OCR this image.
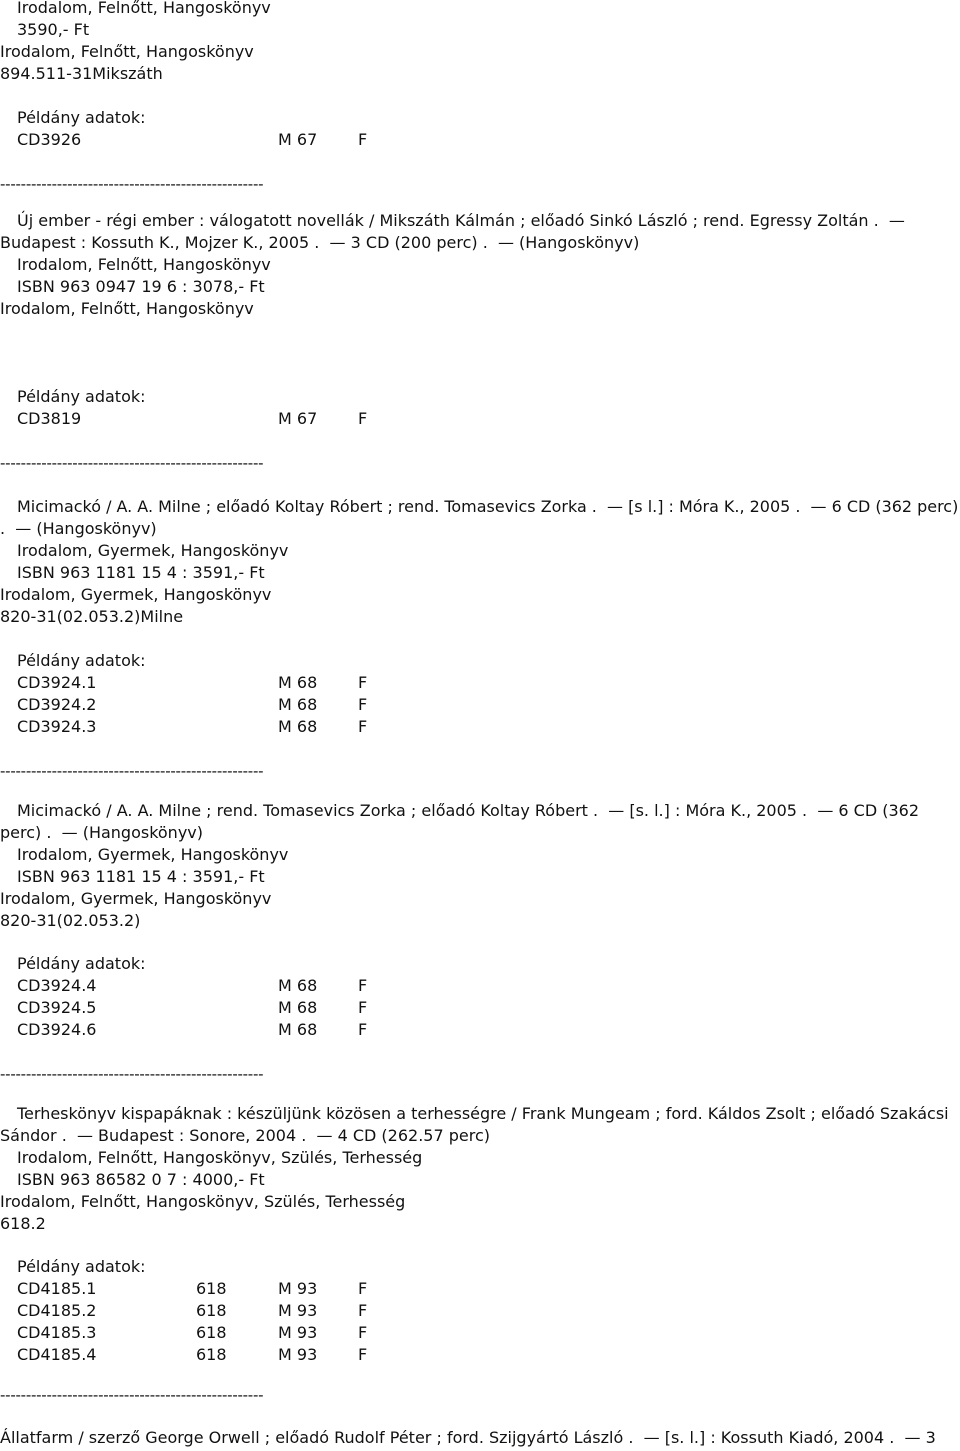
Irodalom, Felnőtt, Hangoskönyv
3590,- Ft
Irodalom, Felnőtt, Hangoskönyv
894.511-31Mikszáth
Példány adatok:
CD3926	M 67	F
---------------------------------------------------
Új ember - régi ember : válogatott novellák / Mikszáth Kálmán ; előadó Sinkó László ; rend. Egressy Zoltán .  —
Budapest : Kossuth K., Mojzer K., 2005 .  — 3 CD (200 perc) .  — (Hangoskönyv)
Irodalom, Felnőtt, Hangoskönyv
ISBN 963 0947 19 6 : 3078,- Ft
Irodalom, Felnőtt, Hangoskönyv
Példány adatok:
CD3819	M 67	F
---------------------------------------------------
Micimackó / A. A. Milne ; előadó Koltay Róbert ; rend. Tomasevics Zorka .  — [s l.] : Móra K., 2005 .  — 6 CD (362 perc)
.  — (Hangoskönyv)
Irodalom, Gyermek, Hangoskönyv
ISBN 963 1181 15 4 : 3591,- Ft
Irodalom, Gyermek, Hangoskönyv
820-31(02.053.2)Milne
Példány adatok:
CD3924.1	M 68	F
CD3924.2	M 68	F
CD3924.3	M 68	F
---------------------------------------------------
Micimackó / A. A. Milne ; rend. Tomasevics Zorka ; előadó Koltay Róbert .  — [s. l.] : Móra K., 2005 .  — 6 CD (362
perc) .  — (Hangoskönyv)
Irodalom, Gyermek, Hangoskönyv
ISBN 963 1181 15 4 : 3591,- Ft
Irodalom, Gyermek, Hangoskönyv
820-31(02.053.2)
Példány adatok:
CD3924.4	M 68	F
CD3924.5	M 68	F
CD3924.6	M 68	F
---------------------------------------------------
Terheskönyv kispapáknak : készüljünk közösen a terhességre / Frank Mungeam ; ford. Káldos Zsolt ; előadó Szakácsi
Sándor .  — Budapest : Sonore, 2004 .  — 4 CD (262.57 perc)
Irodalom, Felnőtt, Hangoskönyv, Szülés, Terhesség
ISBN 963 86582 0 7 : 4000,- Ft
Irodalom, Felnőtt, Hangoskönyv, Szülés, Terhesség
618.2
Példány adatok:
CD4185.1	618	M 93	F
CD4185.2	618	M 93	F
CD4185.3	618	M 93	F
CD4185.4	618	M 93	F
---------------------------------------------------
Állatfarm / szerző George Orwell ; előadó Rudolf Péter ; ford. Szijgyártó László .  — [s. l.] : Kossuth Kiadó, 2004 .  — 3
